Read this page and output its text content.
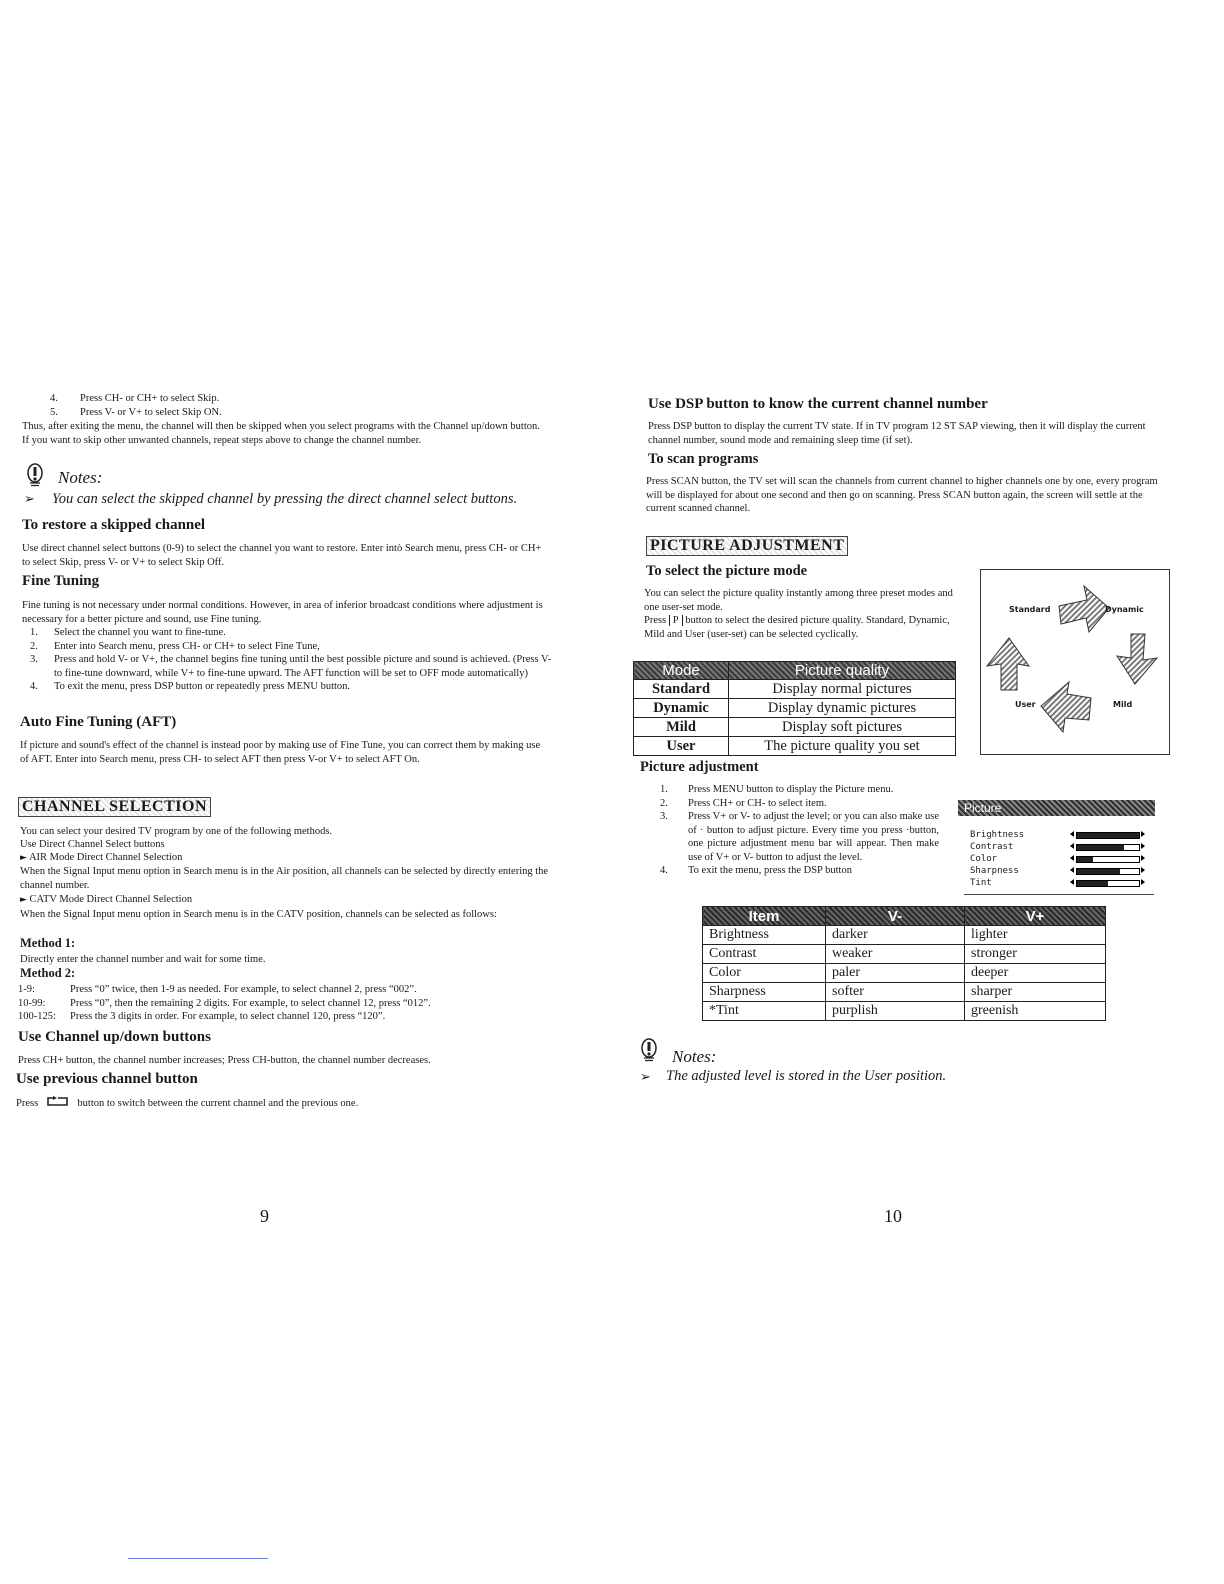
4. Press CH- or CH+ to select Skip.
5. Press V- or V+ to select Skip ON.
Thus, after exiting the menu, the channel will then be skipped when you select programs with the Channel up/down button. If you want to skip other unwanted channels, repeat steps above to change the channel number.
Notes:
➢ You can select the skipped channel by pressing the direct channel select buttons.
To restore a skipped channel
Use direct channel select buttons (0-9) to select the channel you want to restore. Enter intò Search menu, press CH- or CH+ to select Skip, press V- or V+ to select Skip Off.
Fine Tuning
Fine tuning is not necessary under normal conditions. However, in area of inferior broadcast conditions where adjustment is necessary for a better picture and sound, use Fine tuning.
1. Select the channel you want to fine-tune.
2. Enter into Search menu, press CH- or CH+ to select Fine Tune,
3. Press and hold V- or V+, the channel begins fine tuning until the best possible picture and sound is achieved. (Press V- to fine-tune downward, while V+ to fine-tune upward. The AFT function will be set to OFF mode automatically)
4. To exit the menu, press DSP button or repeatedly press MENU button.
Auto Fine Tuning (AFT)
If picture and sound's effect of the channel is instead poor by making use of Fine Tune, you can correct them by making use of AFT. Enter into Search menu, press CH- to select AFT then press V-or V+ to select AFT On.
CHANNEL SELECTION
You can select your desired TV program by one of the following methods.
Use Direct Channel Select buttons
► AIR Mode Direct Channel Selection
When the Signal Input menu option in Search menu is in the Air position, all channels can be selected by directly entering the channel number.
► CATV Mode Direct Channel Selection
When the Signal Input menu option in Search menu is in the CATV position, channels can be selected as follows:
Method 1:
Directly enter the channel number and wait for some time.
Method 2:
1-9:	Press “0” twice, then 1-9 as needed. For example, to select channel 2, press “002”.
10-99: Press “0”, then the remaining 2 digits. For example, to select channel 12, press “012”.
100-125: Press the 3 digits in order. For example, to select channel 120, press “120”.
Use Channel up/down buttons
Press CH+ button, the channel number increases; Press CH-button, the channel number decreases.
Use previous channel button
Press	button to switch between the current channel and the previous one.
9
Use DSP button to know the current channel number
Press DSP button to display the current TV state. If in TV program 12 ST SAP viewing, then it will display the current channel number, sound mode and remaining sleep time (if set).
To scan programs
Press SCAN button, the TV set will scan the channels from current channel to higher channels one by one, every program will be displayed for about one second and then go on scanning. Press SCAN button again, the screen will settle at the current scanned channel.
PICTURE ADJUSTMENT
To select the picture mode
You can select the picture quality instantly among three preset modes and one user-set mode.
Press P button to select the desired picture quality. Standard, Dynamic, Mild and User (user-set) can be selected cyclically.
Standard	Dynamic
User	Mild
Mode	Picture quality
Standard	Display normal pictures
Dynamic	Display dynamic pictures
Mild	Display soft pictures
User	The picture quality you set
Picture adjustment
1. Press MENU button to display the Picture menu.
2. Press CH+ or CH- to select item.
3. Press V+ or V- to adjust the level; or you can also make use of · button to adjust picture. Every time you press ·button, one picture adjustment menu bar will appear. Then make use of V+ or V- button to adjust the level.
4. To exit the menu, press the DSP button
Picture
Brightness
Contrast
Color
Sharpness
Tint
Item	V-	V+
Brightness	darker	lighter
Contrast	weaker	stronger
Color	paler	deeper
Sharpness	softer	sharper
*Tint	purplish	greenish
Notes:
➢ The adjusted level is stored in the User position.
10
